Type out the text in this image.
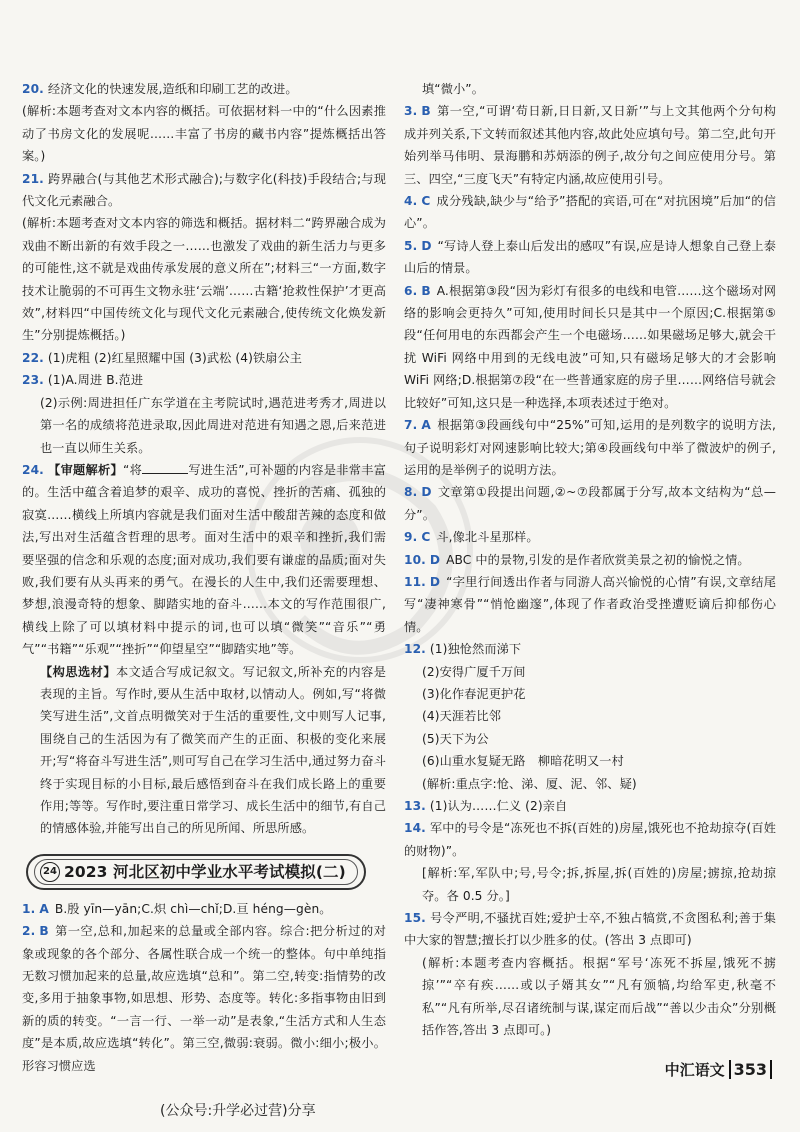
20. 经济文化的快速发展,造纸和印刷工艺的改进。

(解析:本题考查对文本内容的概括。可依据材料一中的“什么因素推动了书房文化的发展呢……丰富了书房的藏书内容”提炼概括出答案。)

21. 跨界融合(与其他艺术形式融合);与数字化(科技)手段结合;与现代文化元素融合。

(解析:本题考查对文本内容的筛选和概括。据材料二“跨界融合成为戏曲不断出新的有效手段之一……也激发了戏曲的新生活力与更多的可能性,这不就是戏曲传承发展的意义所在”;材料三“一方面,数字技术让脆弱的不可再生文物永驻‘云端’……古籍‘抢救性保护’才更高效”,材料四“中国传统文化与现代文化元素融合,使传统文化焕发新生”分别提炼概括。)

22. (1)虎粗 (2)红星照耀中国 (3)武松 (4)铁扇公主

23. (1)A.周进 B.范进

(2)示例:周进担任广东学道在主考院试时,遇范进考秀才,周进以第一名的成绩将范进录取,因此周进对范进有知遇之恩,后来范进也一直以师生关系。

24. 【审题解析】“将	写进生活”,可补题的内容是非常丰富的。生活中蕴含着追梦的艰辛、成功的喜悦、挫折的苦痛、孤独的寂寞……横线上所填内容就是我们面对生活中酸甜苦辣的态度和做法,写出对生活蕴含哲理的思考。面对生活中的艰辛和挫折,我们需要坚强的信念和乐观的态度;面对成功,我们要有谦虚的品质;面对失败,我们要有从头再来的勇气。在漫长的人生中,我们还需要理想、梦想,浪漫奇特的想象、脚踏实地的奋斗……本文的写作范围很广,横线上除了可以填材料中提示的词,也可以填“微笑”“音乐”“勇气”“书籍”“乐观”“挫折”“仰望星空”“脚踏实地”等。

【构思选材】本文适合写成记叙文。写记叙文,所补充的内容是表现的主旨。写作时,要从生活中取材,以情动人。例如,写“将微笑写进生活”,文首点明微笑对于生活的重要性,文中则写人记事,围绕自己的生活因为有了微笑而产生的正面、积极的变化来展开;写“将奋斗写进生活”,则可写自己在学习生活中,通过努力奋斗终于实现目标的小目标,最后感悟到奋斗在我们成长路上的重要作用;等等。写作时,要注重日常学习、成长生活中的细节,有自己的情感体验,并能写出自己的所见所闻、所思所感。

24 2023 河北区初中学业水平考试模拟(二)

1. A B.殷 yīn—yān;C.炽 chì—chǐ;D.亘 héng—gèn。

2. B 第一空,总和,加起来的总量或全部内容。综合:把分析过的对象或现象的各个部分、各属性联合成一个统一的整体。句中单纯指无数习惯加起来的总量,故应选填“总和”。第二空,转变:指情势的改变,多用于抽象事物,如思想、形势、态度等。转化:多指事物由旧到新的质的转变。“一言一行、一举一动”是表象,“生活方式和人生态度”是本质,故应选填“转化”。第三空,微弱:衰弱。微小:细小;极小。形容习惯应选

填“微小”。

3. B 第一空,“可谓‘苟日新,日日新,又日新’”与上文其他两个分句构成并列关系,下文转而叙述其他内容,故此处应填句号。第二空,此句开始列举马伟明、景海鹏和苏炳添的例子,故分句之间应使用分号。第三、四空,“三度飞天”有特定内涵,故应使用引号。

4. C 成分残缺,缺少与“给予”搭配的宾语,可在“对抗困境”后加“的信心”。

5. D “写诗人登上泰山后发出的感叹”有误,应是诗人想象自己登上泰山后的情景。

6. B A.根据第③段“因为彩灯有很多的电线和电管……这个磁场对网络的影响会更持久”可知,使用时间长只是其中一个原因;C.根据第⑤段“任何用电的东西都会产生一个电磁场……如果磁场足够大,就会干扰 WiFi 网络中用到的无线电波”可知,只有磁场足够大的才会影响 WiFi 网络;D.根据第⑦段“在一些普通家庭的房子里……网络信号就会比较好”可知,这只是一种选择,本项表述过于绝对。

7. A 根据第③段画线句中“25%”可知,运用的是列数字的说明方法,句子说明彩灯对网速影响比较大;第④段画线句中举了微波炉的例子,运用的是举例子的说明方法。

8. D 文章第①段提出问题,②~⑦段都属于分写,故本文结构为“总—分”。

9. C 斗,像北斗星那样。

10. D ABC 中的景物,引发的是作者欣赏美景之初的愉悦之情。

11. D “字里行间透出作者与同游人高兴愉悦的心情”有误,文章结尾写“凄神寒骨”“悄怆幽邃”,体现了作者政治受挫遭贬谪后抑郁伤心情。

12. (1)独怆然而涕下

(2)安得广厦千万间

(3)化作春泥更护花

(4)天涯若比邻

(5)天下为公

(6)山重水复疑无路　柳暗花明又一村

(解析:重点字:怆、涕、厦、泥、邻、疑)

13. (1)认为……仁义 (2)亲自

14. 军中的号令是“冻死也不拆(百姓的)房屋,饿死也不抢劫掠夺(百姓的财物)”。

[解析:军,军队中;号,号令;拆,拆屋,拆(百姓的)房屋;掳掠,抢劫掠夺。各 0.5 分。]

15. 号令严明,不骚扰百姓;爱护士卒,不独占犒赏,不贪图私利;善于集中大家的智慧;擅长打以少胜多的仗。(答出 3 点即可)

(解析:本题考查内容概括。根据“军号‘冻死不拆屋,饿死不掳掠’”“卒有疾……或以子婿其女”“凡有颁犒,均给军吏,秋毫不私”“凡有所举,尽召诸统制与谋,谋定而后战”“善以少击众”分别概括作答,答出 3 点即可。)

中汇语文 353
(公众号:升学必过营)分享
